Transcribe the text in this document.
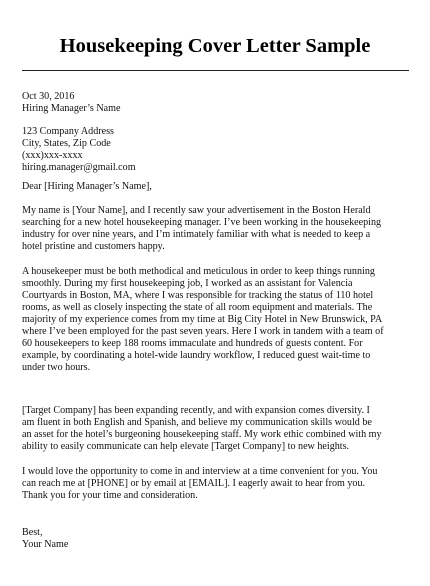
Housekeeping Cover Letter Sample
Oct 30, 2016
Hiring Manager’s Name
123 Company Address
City, States, Zip Code
(xxx)xxx-xxxx
hiring.manager@gmail.com
Dear [Hiring Manager’s Name],
My name is [Your Name], and I recently saw your advertisement in the Boston Herald
searching for a new hotel housekeeping manager. I’ve been working in the housekeeping
industry for over nine years, and I’m intimately familiar with what is needed to keep a
hotel pristine and customers happy.
A housekeeper must be both methodical and meticulous in order to keep things running
smoothly. During my first housekeeping job, I worked as an assistant for Valencia
Courtyards in Boston, MA, where I was responsible for tracking the status of 110 hotel
rooms, as well as closely inspecting the state of all room equipment and materials. The
majority of my experience comes from my time at Big City Hotel in New Brunswick, PA
where I’ve been employed for the past seven years. Here I work in tandem with a team of
60 housekeepers to keep 188 rooms immaculate and hundreds of guests content. For
example, by coordinating a hotel-wide laundry workflow, I reduced guest wait-time to
under two hours.
[Target Company] has been expanding recently, and with expansion comes diversity. I
am fluent in both English and Spanish, and believe my communication skills would be
an asset for the hotel’s burgeoning housekeeping staff. My work ethic combined with my
ability to easily communicate can help elevate [Target Company] to new heights.
I would love the opportunity to come in and interview at a time convenient for you. You
can reach me at [PHONE] or by email at [EMAIL]. I eagerly await to hear from you.
Thank you for your time and consideration.
Best,
Your Name
